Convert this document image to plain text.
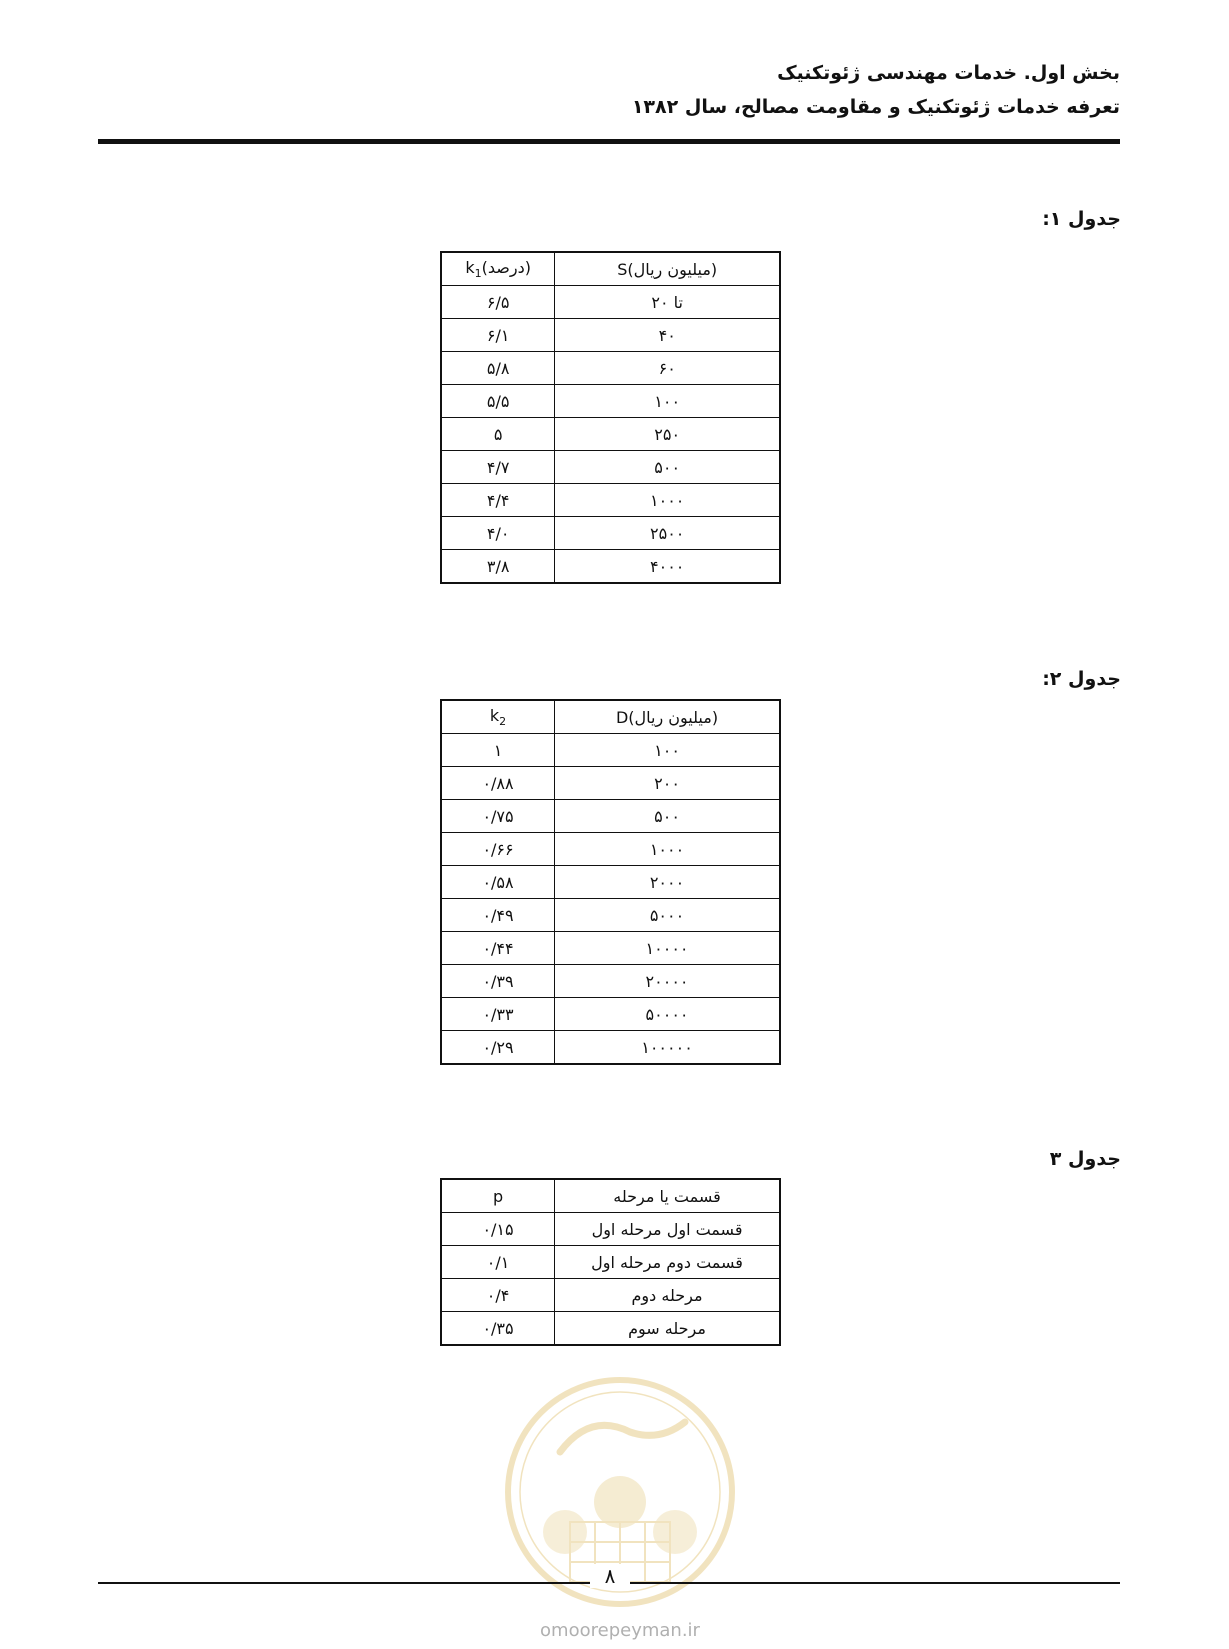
بخش اول. خدمات مهندسی ژئوتکنیک
تعرفه خدمات ژئوتکنیک و مقاومت مصالح، سال ۱۳۸۲
جدول ۱:
(میلیون ریال)S	$(درصد)k_1$
تا ۲۰	۶/۵
۴۰	۶/۱
۶۰	۵/۸
۱۰۰	۵/۵
۲۵۰	۵
۵۰۰	۴/۷
۱۰۰۰	۴/۴
۲۵۰۰	۴/۰
۴۰۰۰	۳/۸
جدول ۲:
(میلیون ریال)D	$k_2$
۱۰۰	۱
۲۰۰	۰/۸۸
۵۰۰	۰/۷۵
۱۰۰۰	۰/۶۶
۲۰۰۰	۰/۵۸
۵۰۰۰	۰/۴۹
۱۰۰۰۰	۰/۴۴
۲۰۰۰۰	۰/۳۹
۵۰۰۰۰	۰/۳۳
۱۰۰۰۰۰	۰/۲۹
جدول ۳
قسمت یا مرحله	p
قسمت اول مرحله اول	۰/۱۵
قسمت دوم مرحله اول	۰/۱
مرحله دوم	۰/۴
مرحله سوم	۰/۳۵
۸
omoorepeyman.ir
